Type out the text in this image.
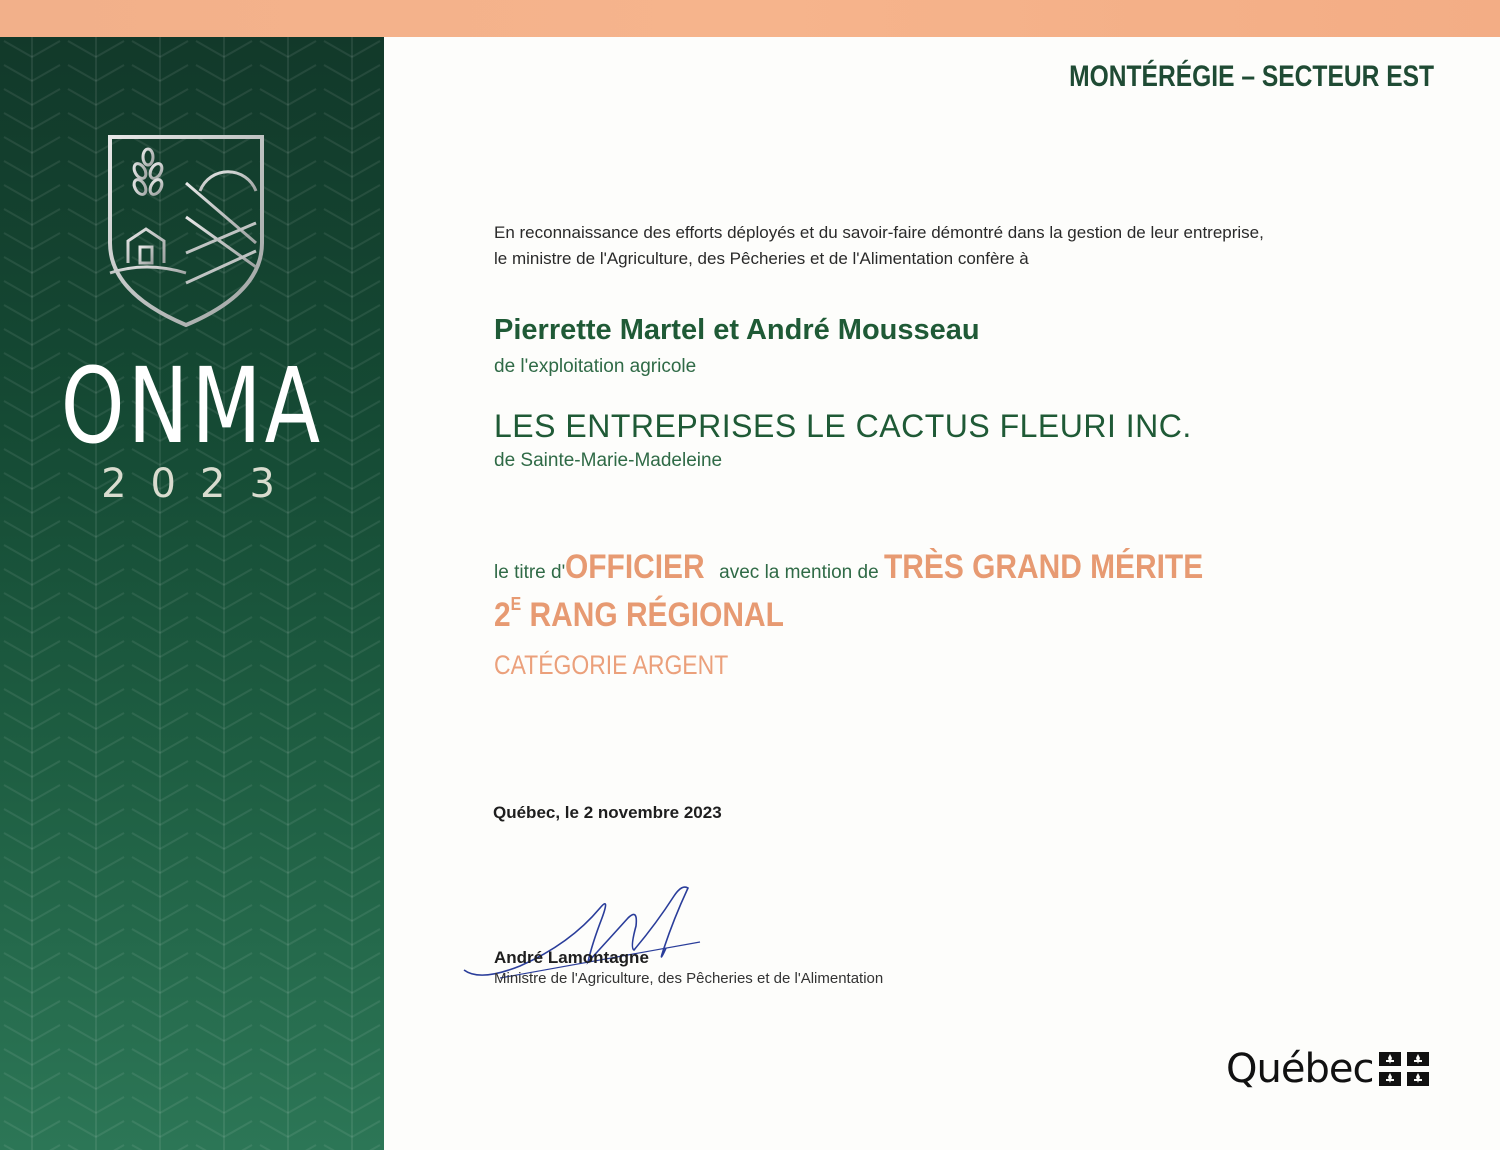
ONMA
2023
MONTÉRÉGIE – SECTEUR EST
En reconnaissance des efforts déployés et du savoir-faire démontré dans la gestion de leur entreprise,
le ministre de l'Agriculture, des Pêcheries et de l'Alimentation confère à
Pierrette Martel et André Mousseau
de l'exploitation agricole
LES ENTREPRISES LE CACTUS FLEURI INC.
de Sainte-Marie-Madeleine
le titre d'OFFICIER avec la mention de TRÈS GRAND MÉRITE
$2^E$ RANG RÉGIONAL
CATÉGORIE ARGENT
Québec, le 2 novembre 2023
André Lamontagne
Ministre de l'Agriculture, des Pêcheries et de l'Alimentation
Québec
